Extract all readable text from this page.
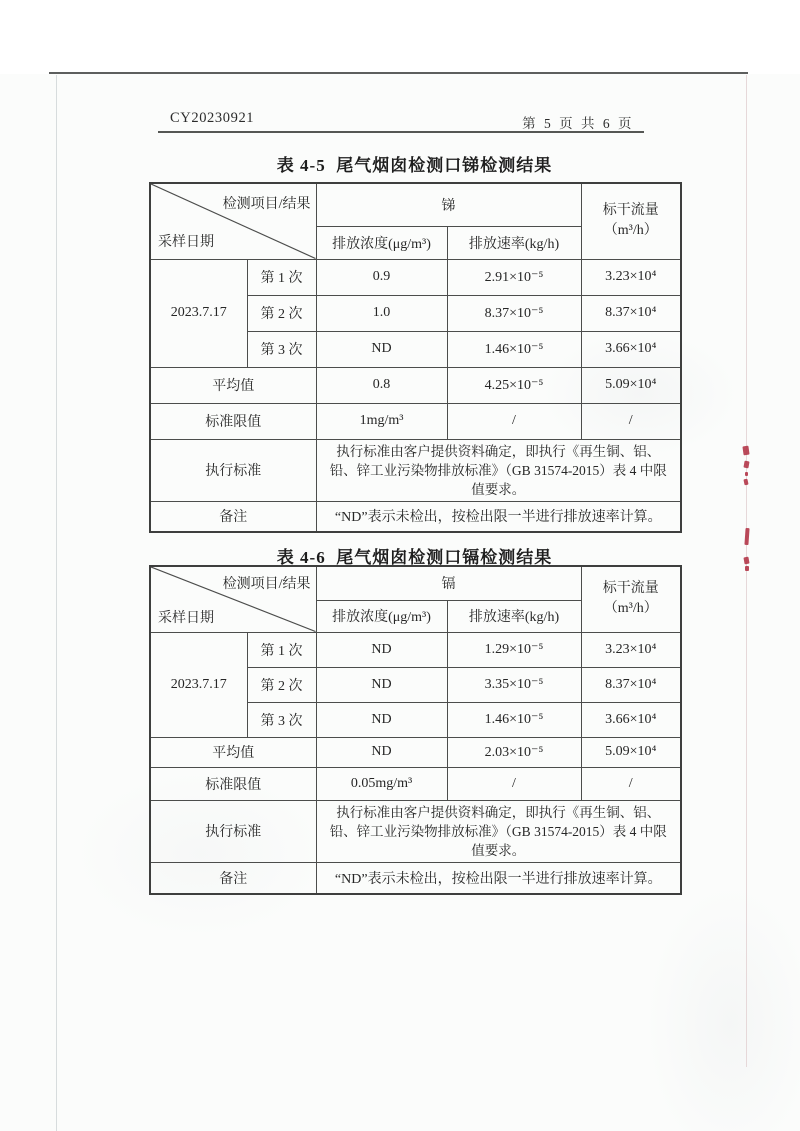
CY20230921	第 5 页 共 6 页
表 4-5  尾气烟囱检测口锑检测结果
检测项目/结果
采样日期
	锑	标干流量
（m³/h）

		排放浓度(μg/m³)	排放速率(kg/h)	
2023.7.17	第 1 次	0.9	2.91×10⁻⁵	3.23×10⁴
	第 2 次	1.0	8.37×10⁻⁵	8.37×10⁴
	第 3 次	ND	1.46×10⁻⁵	3.66×10⁴
平均值		0.8	4.25×10⁻⁵	5.09×10⁴
标准限值		1mg/m³	/	/
执行标准		执行标准由客户提供资料确定，即执行《再生铜、铝、铅、锌工业污染物排放标准》（GB 31574-2015）表 4 中限值要求。		
备注		“ND”表示未检出，按检出限一半进行排放速率计算。		
表 4-6  尾气烟囱检测口镉检测结果
检测项目/结果
采样日期
	镉	标干流量
（m³/h）

		排放浓度(μg/m³)	排放速率(kg/h)	
2023.7.17	第 1 次	ND	1.29×10⁻⁵	3.23×10⁴
	第 2 次	ND	3.35×10⁻⁵	8.37×10⁴
	第 3 次	ND	1.46×10⁻⁵	3.66×10⁴
平均值		ND	2.03×10⁻⁵	5.09×10⁴
标准限值		0.05mg/m³	/	/
执行标准		执行标准由客户提供资料确定，即执行《再生铜、铝、铅、锌工业污染物排放标准》（GB 31574-2015）表 4 中限值要求。		
备注		“ND”表示未检出，按检出限一半进行排放速率计算。		
